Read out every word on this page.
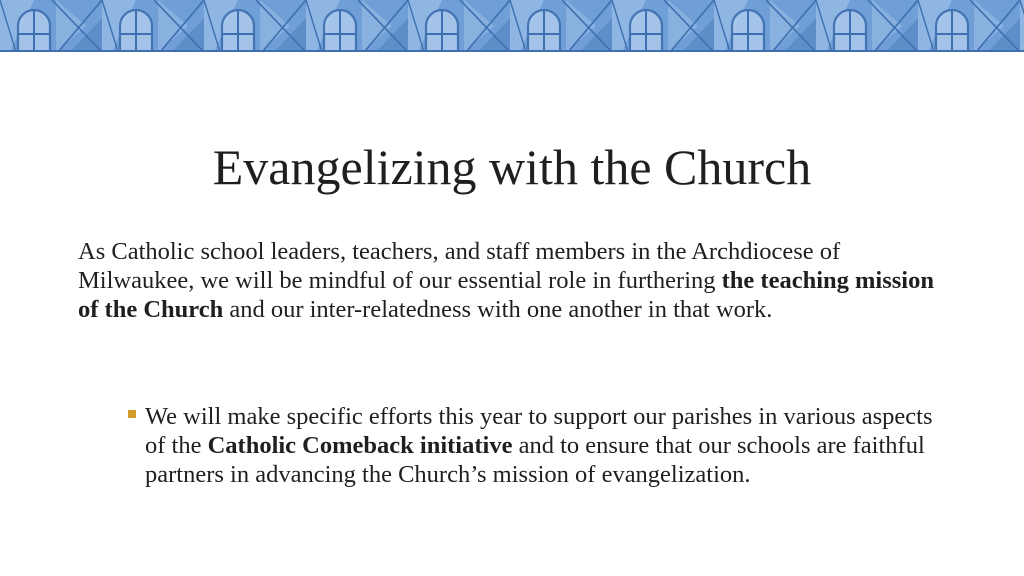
Evangelizing with the Church

As Catholic school leaders, teachers, and staff members in the Archdiocese of Milwaukee, we will be mindful of our essential role in furthering the teaching mission of the Church and our inter-relatedness with one another in that work.

We will make specific efforts this year to support our parishes in various aspects of the Catholic Comeback initiative and to ensure that our schools are faithful partners in advancing the Church’s mission of evangelization.
